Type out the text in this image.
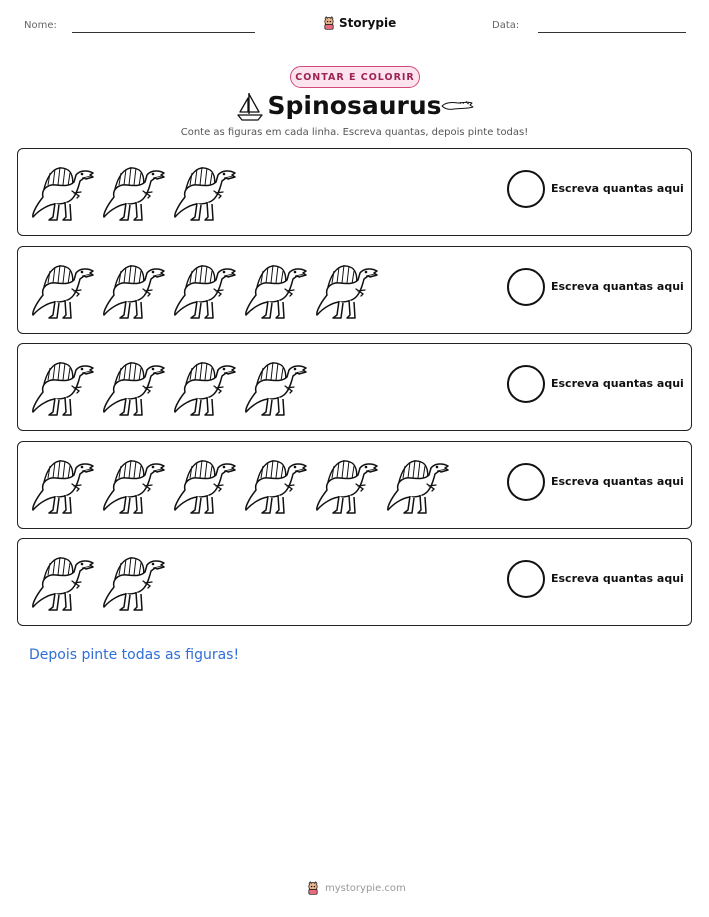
Nome:	Storypie	Data:
CONTAR E COLORIR
Spinosaurus
Conte as figuras em cada linha. Escreva quantas, depois pinte todas!
Escreva quantas aqui
Escreva quantas aqui
Escreva quantas aqui
Escreva quantas aqui
Escreva quantas aqui
Depois pinte todas as figuras!
mystorypie.com
